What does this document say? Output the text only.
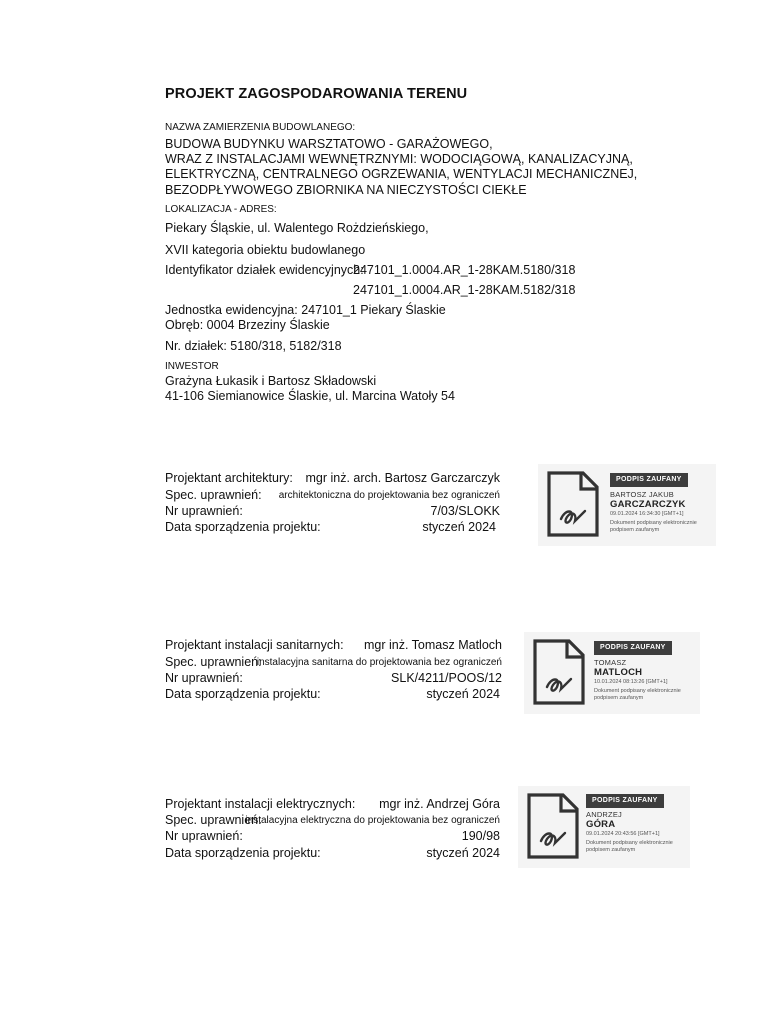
PROJEKT ZAGOSPODAROWANIA TERENU
NAZWA ZAMIERZENIA BUDOWLANEGO:
BUDOWA BUDYNKU WARSZTATOWO - GARAŻOWEGO,
WRAZ Z INSTALACJAMI WEWNĘTRZNYMI: WODOCIĄGOWĄ, KANALIZACYJNĄ,
ELEKTRYCZNĄ, CENTRALNEGO OGRZEWANIA, WENTYLACJI MECHANICZNEJ,
BEZODPŁYWOWEGO ZBIORNIKA NA NIECZYSTOŚCI CIEKŁE
LOKALIZACJA - ADRES:
Piekary Śląskie, ul. Walentego Rożdzieńskiego,
XVII kategoria obiektu budowlanego
Identyfikator działek ewidencyjnych:
247101_1.0004.AR_1-28KAM.5180/318
247101_1.0004.AR_1-28KAM.5182/318
Jednostka ewidencyjna: 247101_1 Piekary Ślaskie
Obręb: 0004 Brzeziny Ślaskie
Nr. działek: 5180/318, 5182/318
INWESTOR
Grażyna Łukasik i Bartosz Składowski
41-106 Siemianowice Ślaskie, ul. Marcina Watoły 54
Projektant architektury: mgr inż. arch. Bartosz Garczarczyk
Spec. uprawnień: architektoniczna do projektowania bez ograniczeń
Nr uprawnień:	7/03/SLOKK
Data sporządzenia projektu:	styczeń 2024
PODPIS ZAUFANY
BARTOSZ JAKUB
GARCZARCZYK
09.01.2024 16:34:30 [GMT+1]
Dokument podpisany elektronicznie podpisem zaufanym
Projektant instalacji sanitarnych: mgr inż. Tomasz Matloch
Spec. uprawnień:
instalacyjna sanitarna do projektowania bez ograniczeń
Nr uprawnień:	SLK/4211/POOS/12
Data sporządzenia projektu:	styczeń 2024
PODPIS ZAUFANY
TOMASZ
MATLOCH
10.01.2024 08:13:26 [GMT+1]
Dokument podpisany elektronicznie podpisem zaufanym
Projektant instalacji elektrycznych: mgr inż. Andrzej Góra
Spec. uprawnień:
instalacyjna elektryczna do projektowania bez ograniczeń
Nr uprawnień:	190/98
Data sporządzenia projektu:	styczeń 2024
PODPIS ZAUFANY
ANDRZEJ
GÓRA
09.01.2024 20:43:56 [GMT+1]
Dokument podpisany elektronicznie podpisem zaufanym
